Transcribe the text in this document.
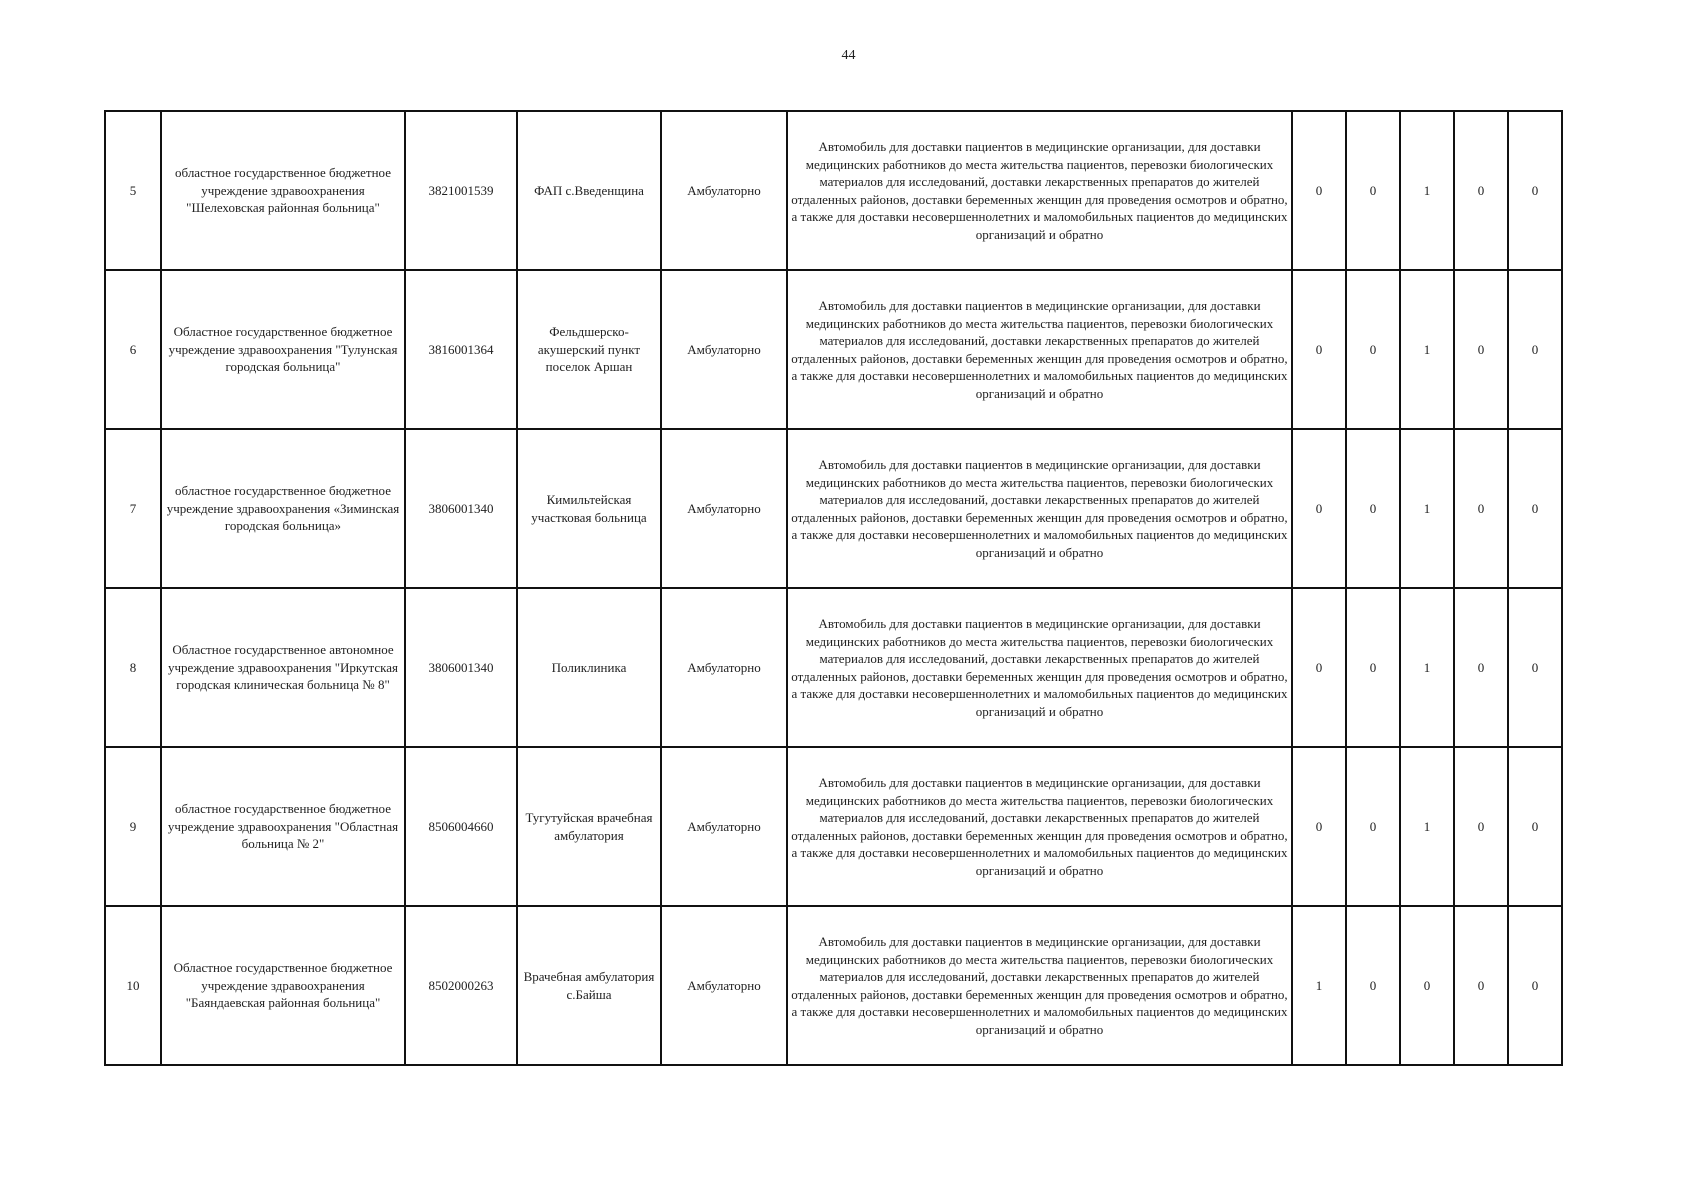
44
5	областное государственное бюджетное учреждение здравоохранения "Шелеховская районная больница"	3821001539	ФАП с.Введенщина	Амбулаторно	Автомобиль для доставки пациентов в медицинские организации, для доставки медицинских работников до места жительства пациентов, перевозки биологических материалов для исследований, доставки лекарственных препаратов до жителей отдаленных районов, доставки беременных женщин для проведения осмотров и обратно, а также для доставки несовершеннолетних и маломобильных пациентов до медицинских организаций и обратно	0	0	1	0	0
6	Областное государственное бюджетное учреждение здравоохранения "Тулунская городская больница"	3816001364	Фельдшерско-акушерский пункт поселок Аршан	Амбулаторно	Автомобиль для доставки пациентов в медицинские организации, для доставки медицинских работников до места жительства пациентов, перевозки биологических материалов для исследований, доставки лекарственных препаратов до жителей отдаленных районов, доставки беременных женщин для проведения осмотров и обратно, а также для доставки несовершеннолетних и маломобильных пациентов до медицинских организаций и обратно	0	0	1	0	0
7	областное государственное бюджетное учреждение здравоохранения «Зиминская городская больница»	3806001340	Кимильтейская участковая больница	Амбулаторно	Автомобиль для доставки пациентов в медицинские организации, для доставки медицинских работников до места жительства пациентов, перевозки биологических материалов для исследований, доставки лекарственных препаратов до жителей отдаленных районов, доставки беременных женщин для проведения осмотров и обратно, а также для доставки несовершеннолетних и маломобильных пациентов до медицинских организаций и обратно	0	0	1	0	0
8	Областное государственное автономное учреждение здравоохранения "Иркутская городская клиническая больница № 8"	3806001340	Поликлиника	Амбулаторно	Автомобиль для доставки пациентов в медицинские организации, для доставки медицинских работников до места жительства пациентов, перевозки биологических материалов для исследований, доставки лекарственных препаратов до жителей отдаленных районов, доставки беременных женщин для проведения осмотров и обратно, а также для доставки несовершеннолетних и маломобильных пациентов до медицинских организаций и обратно	0	0	1	0	0
9	областное государственное бюджетное учреждение здравоохранения "Областная больница № 2"	8506004660	Тугутуйская врачебная амбулатория	Амбулаторно	Автомобиль для доставки пациентов в медицинские организации, для доставки медицинских работников до места жительства пациентов, перевозки биологических материалов для исследований, доставки лекарственных препаратов до жителей отдаленных районов, доставки беременных женщин для проведения осмотров и обратно, а также для доставки несовершеннолетних и маломобильных пациентов до медицинских организаций и обратно	0	0	1	0	0
10	Областное государственное бюджетное учреждение здравоохранения "Баяндаевская районная больница"	8502000263	Врачебная амбулатория с.Байша	Амбулаторно	Автомобиль для доставки пациентов в медицинские организации, для доставки медицинских работников до места жительства пациентов, перевозки биологических материалов для исследований, доставки лекарственных препаратов до жителей отдаленных районов, доставки беременных женщин для проведения осмотров и обратно, а также для доставки несовершеннолетних и маломобильных пациентов до медицинских организаций и обратно	1	0	0	0	0
